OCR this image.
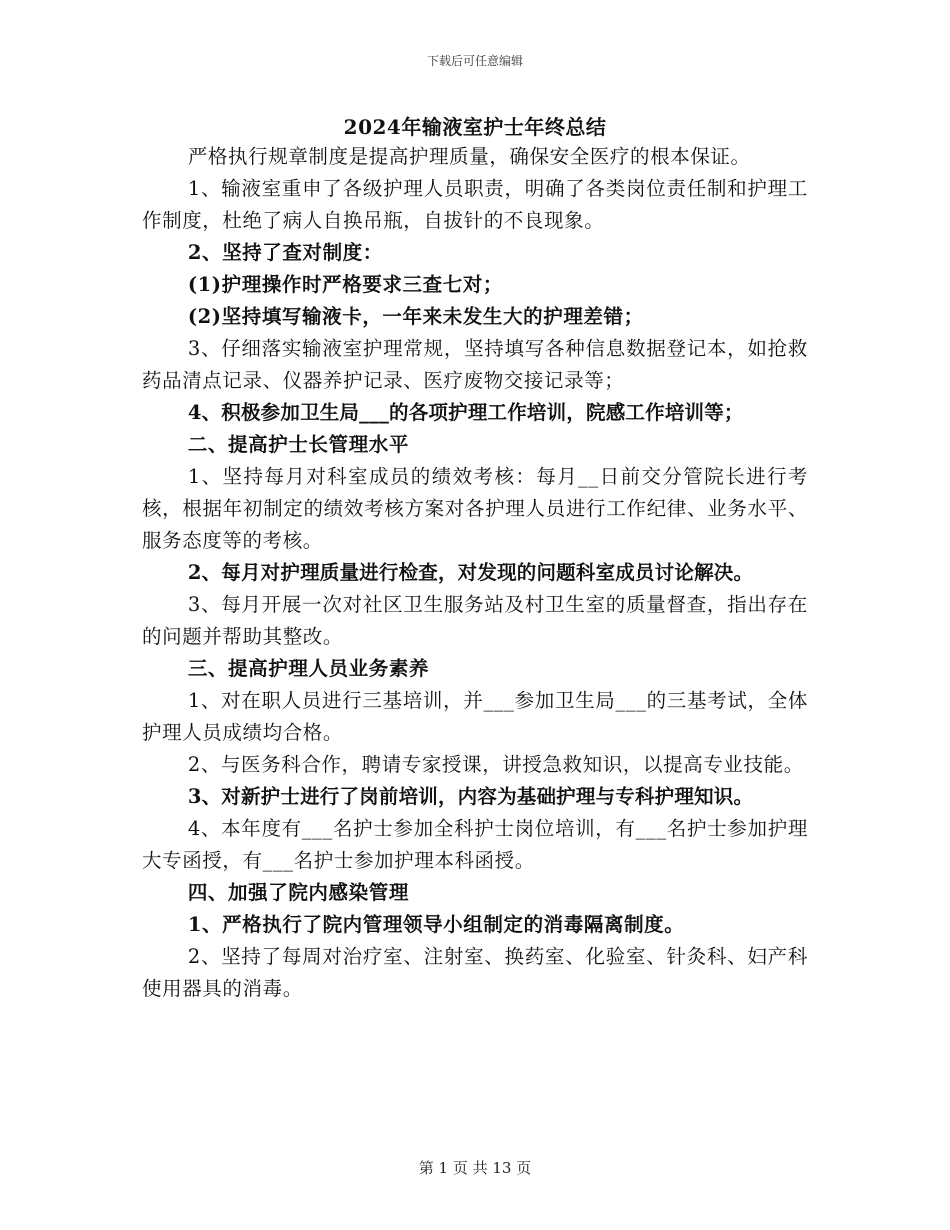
下载后可任意编辑
2024年输液室护士年终总结

严格执行规章制度是提高护理质量，确保安全医疗的根本保证。

1、输液室重申了各级护理人员职责，明确了各类岗位责任制和护理工作制度，杜绝了病人自换吊瓶，自拔针的不良现象。

2、坚持了查对制度：

(1)护理操作时严格要求三查七对；

(2)坚持填写输液卡，一年来未发生大的护理差错；

3、仔细落实输液室护理常规，坚持填写各种信息数据登记本，如抢救药品清点记录、仪器养护记录、医疗废物交接记录等；

4、积极参加卫生局___的各项护理工作培训，院感工作培训等；

二、提高护士长管理水平

1、坚持每月对科室成员的绩效考核：每月__日前交分管院长进行考核，根据年初制定的绩效考核方案对各护理人员进行工作纪律、业务水平、服务态度等的考核。

2、每月对护理质量进行检查，对发现的问题科室成员讨论解决。

3、每月开展一次对社区卫生服务站及村卫生室的质量督查，指出存在的问题并帮助其整改。

三、提高护理人员业务素养

1、对在职人员进行三基培训，并___参加卫生局___的三基考试，全体护理人员成绩均合格。

2、与医务科合作，聘请专家授课，讲授急救知识，以提高专业技能。

3、对新护士进行了岗前培训，内容为基础护理与专科护理知识。

4、本年度有___名护士参加全科护士岗位培训，有___名护士参加护理大专函授，有___名护士参加护理本科函授。

四、加强了院内感染管理

1、严格执行了院内管理领导小组制定的消毒隔离制度。

2、坚持了每周对治疗室、注射室、换药室、化验室、针灸科、妇产科使用器具的消毒。

第 1 页 共 13 页
